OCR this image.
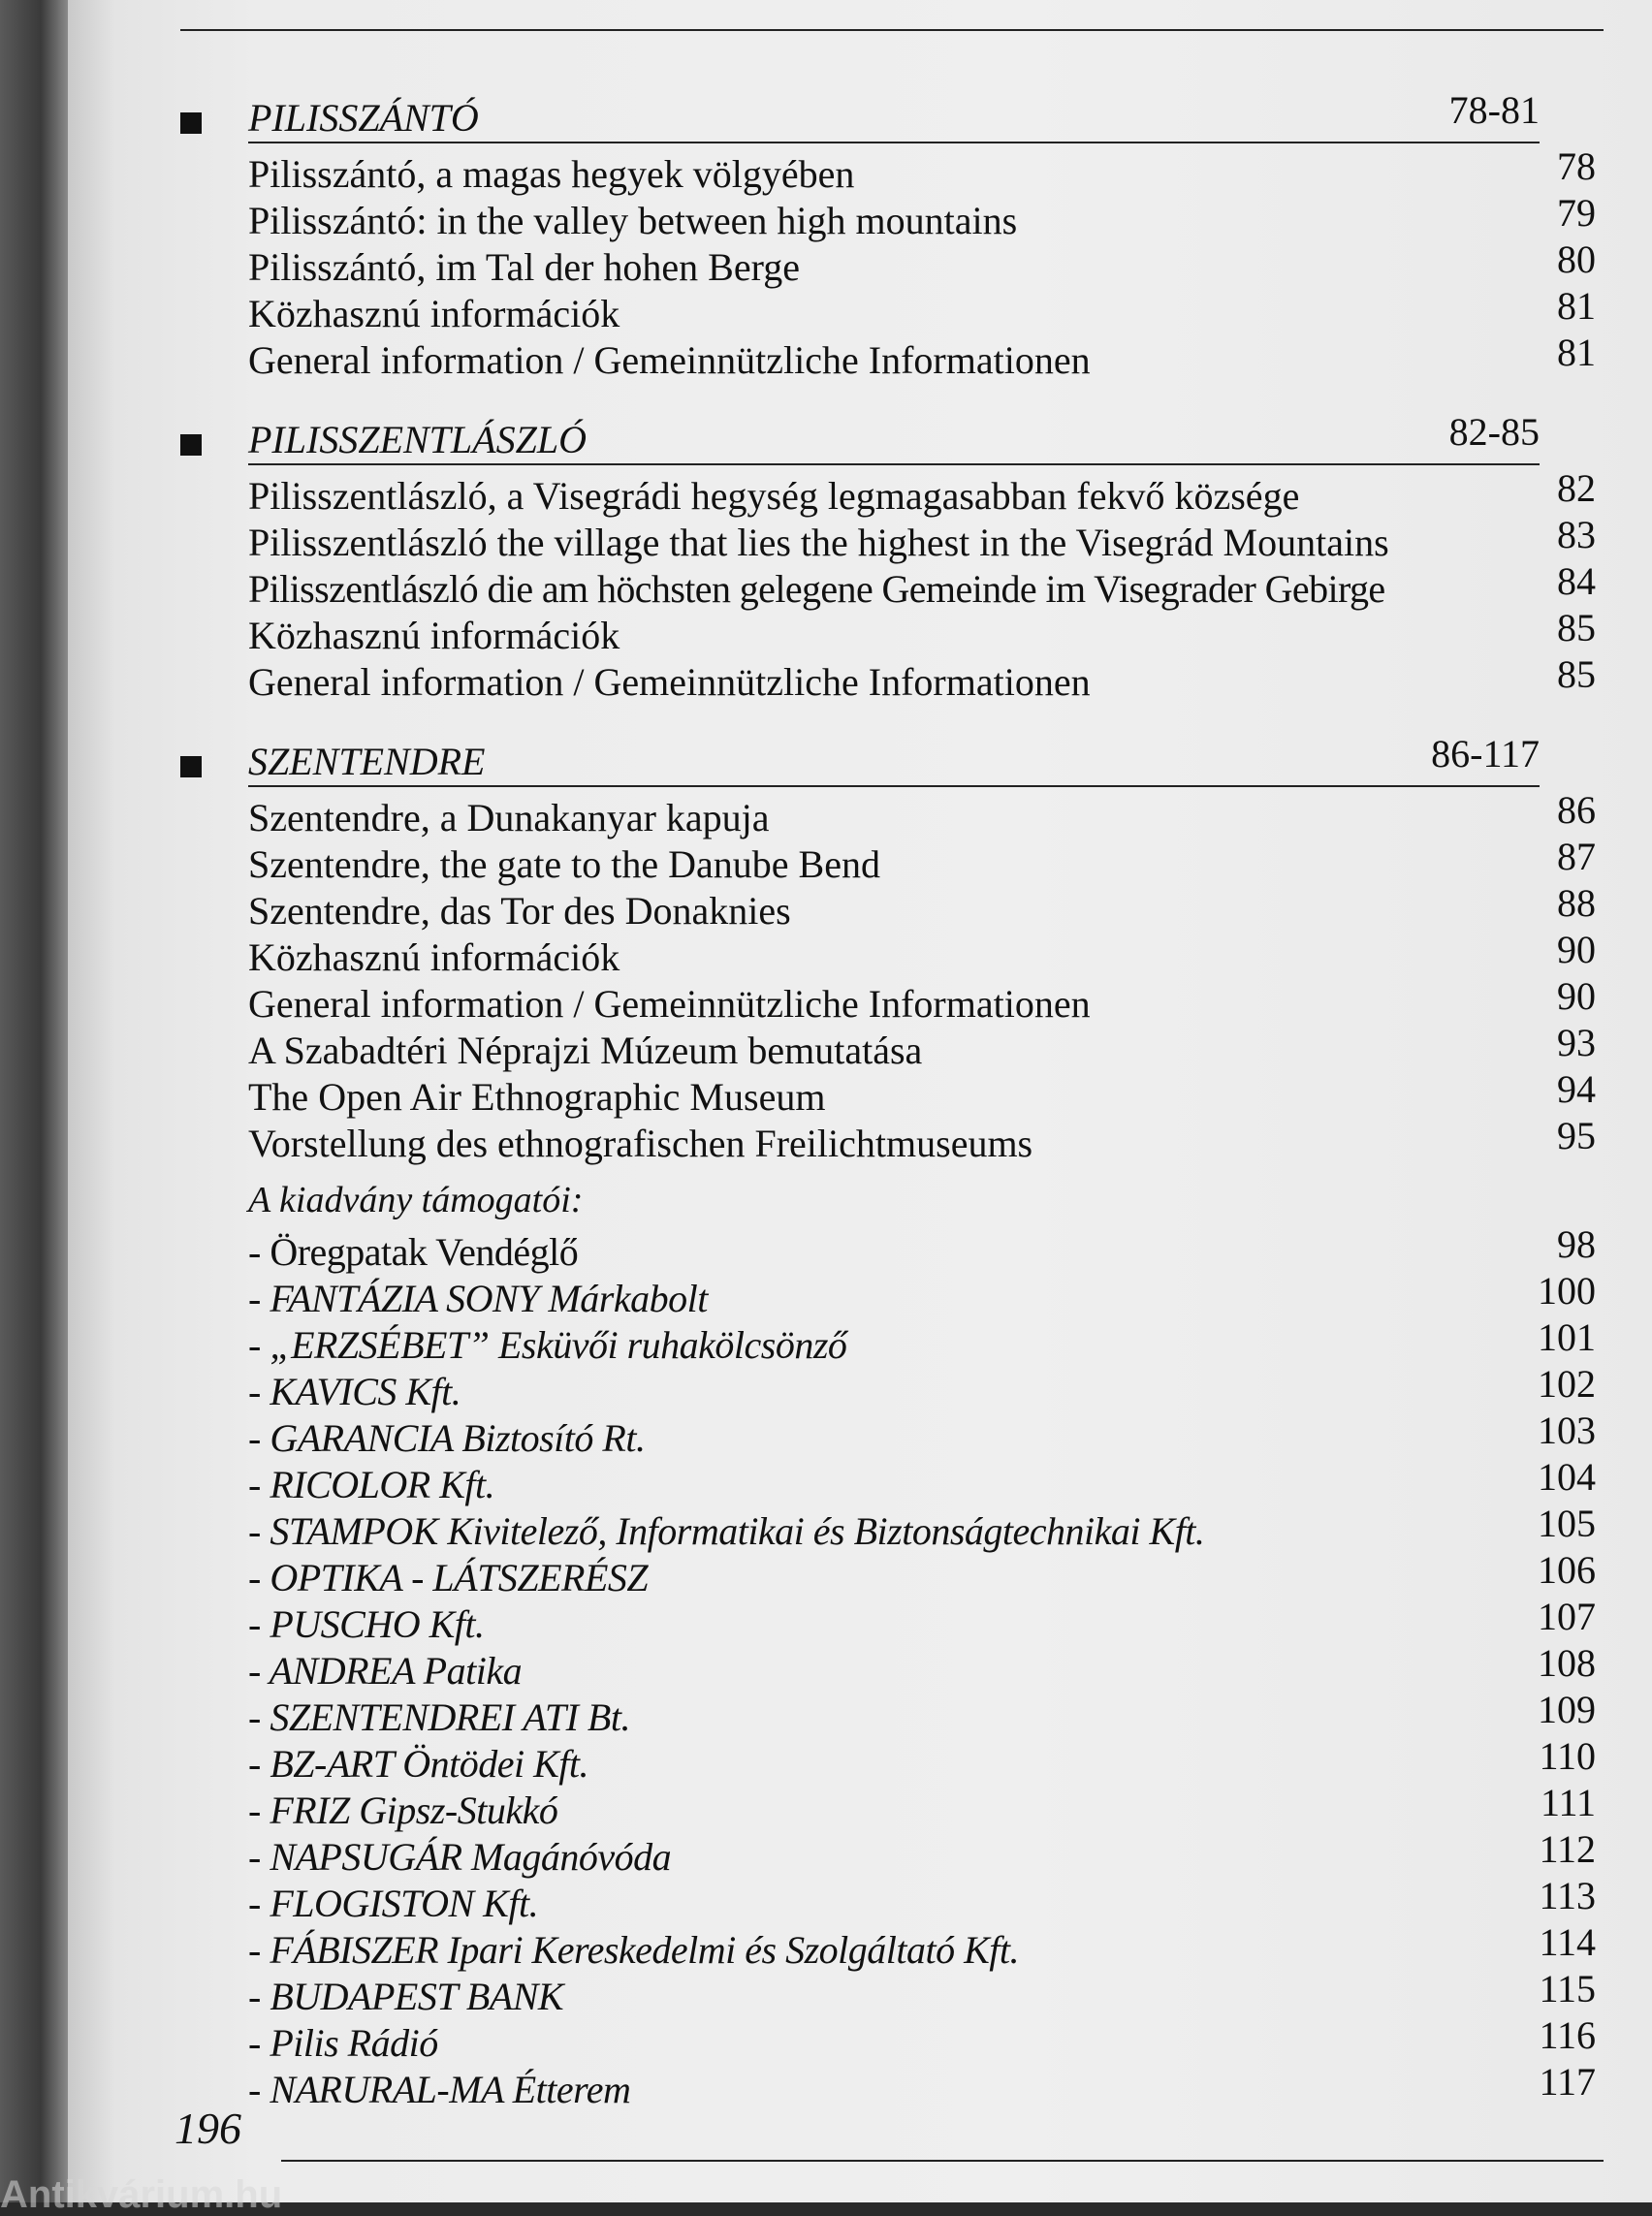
PILISSZÁNTÓ	78-81
Pilisszántó, a magas hegyek völgyében	78
Pilisszántó: in the valley between high mountains	79
Pilisszántó, im Tal der hohen Berge	80
Közhasznú információk	81
General information / Gemeinnützliche Informationen	81
PILISSZENTLÁSZLÓ	82-85
Pilisszentlászló, a Visegrádi hegység legmagasabban fekvő községe	82
Pilisszentlászló the village that lies the highest in the Visegrád Mountains	83
Pilisszentlászló die am höchsten gelegene Gemeinde im Visegrader Gebirge	84
Közhasznú információk	85
General information / Gemeinnützliche Informationen	85
SZENTENDRE	86-117
Szentendre, a Dunakanyar kapuja	86
Szentendre, the gate to the Danube Bend	87
Szentendre, das Tor des Donaknies	88
Közhasznú információk	90
General information / Gemeinnützliche Informationen	90
A Szabadtéri Néprajzi Múzeum bemutatása	93
The Open Air Ethnographic Museum	94
Vorstellung des ethnografischen Freilichtmuseums	95
A kiadvány támogatói:
- Öregpatak Vendéglő	98
- FANTÁZIA SONY Márkabolt	100
- „ERZSÉBET” Esküvői ruhakölcsönző	101
- KAVICS Kft.	102
- GARANCIA Biztosító Rt.	103
- RICOLOR Kft.	104
- STAMPOK Kivitelező, Informatikai és Biztonságtechnikai Kft.	105
- OPTIKA - LÁTSZERÉSZ	106
- PUSCHO Kft.	107
- ANDREA Patika	108
- SZENTENDREI ATI Bt.	109
- BZ-ART Öntödei Kft.	110
- FRIZ Gipsz-Stukkó	111
- NAPSUGÁR Magánóvóda	112
- FLOGISTON Kft.	113
- FÁBISZER Ipari Kereskedelmi és Szolgáltató Kft.	114
- BUDAPEST BANK	115
- Pilis Rádió	116
- NARURAL-MA Étterem	117
196
Antikvárium.hu
